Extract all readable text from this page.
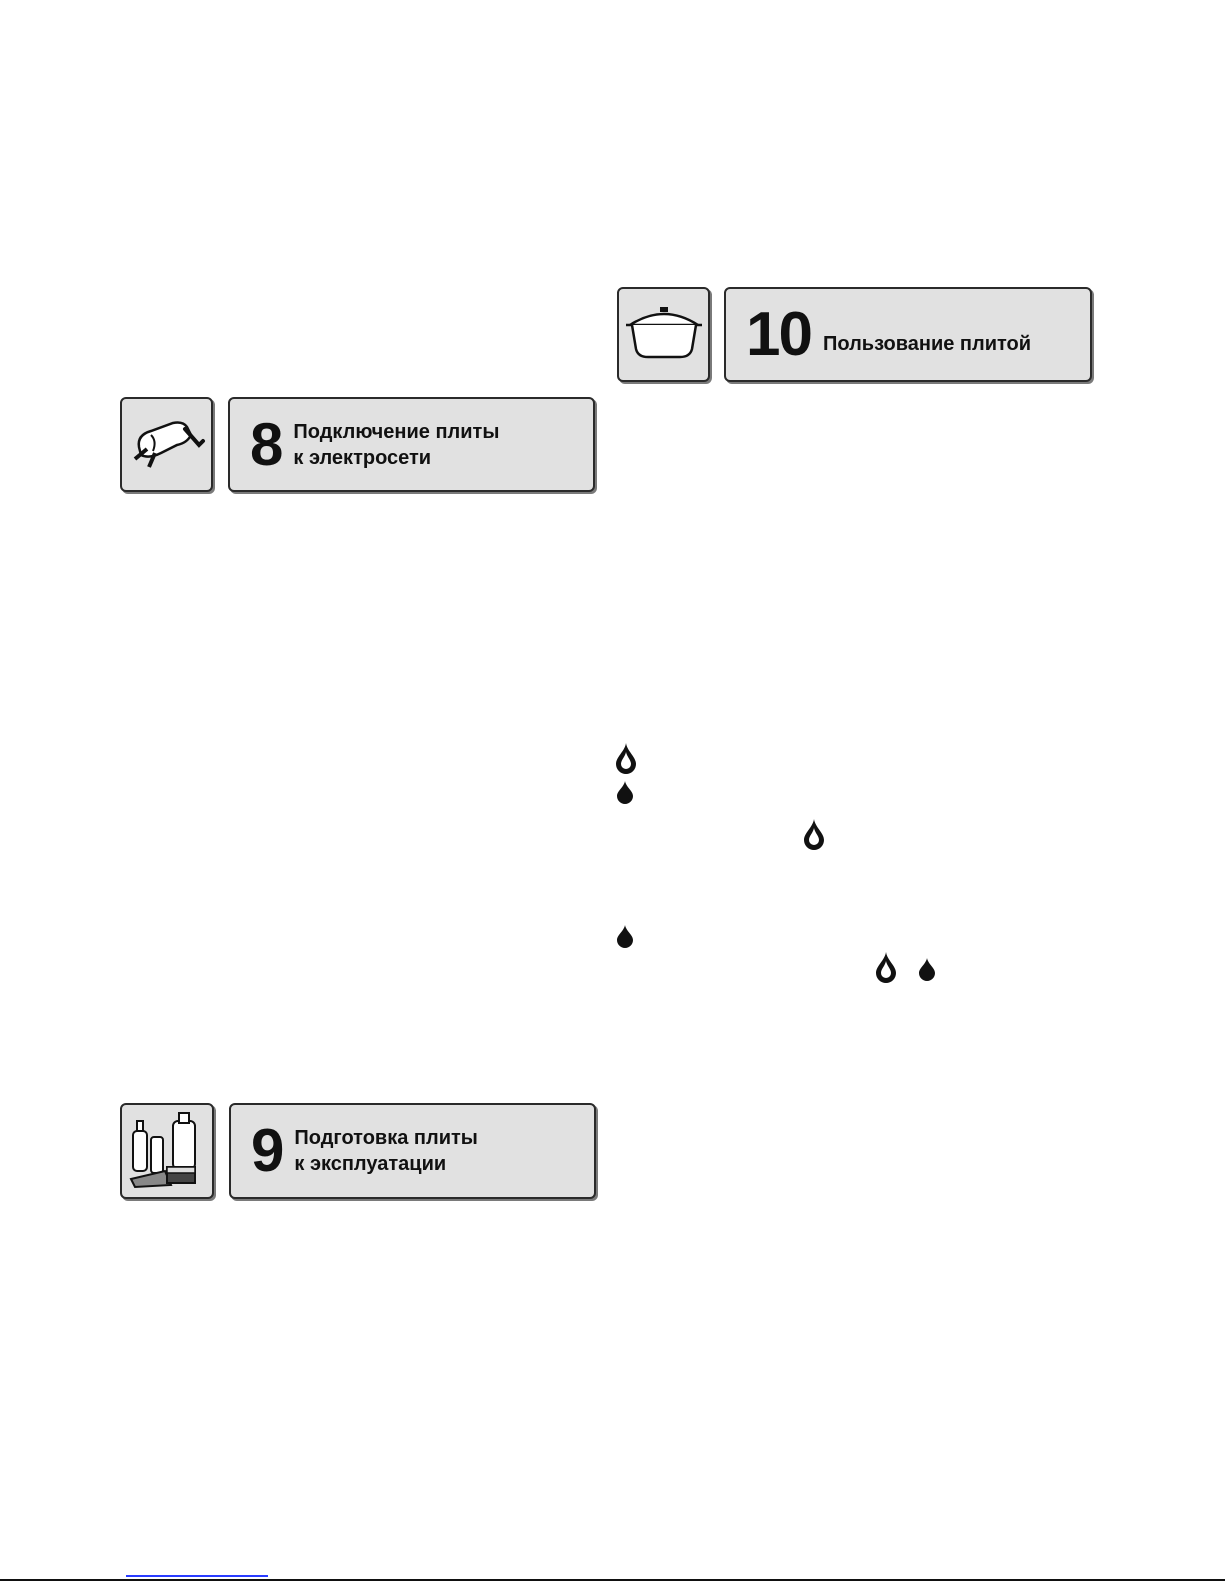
8 Подключение плиты
к электросети
9 Подготовка плиты
к эксплуатации
10 Пользование плитой
